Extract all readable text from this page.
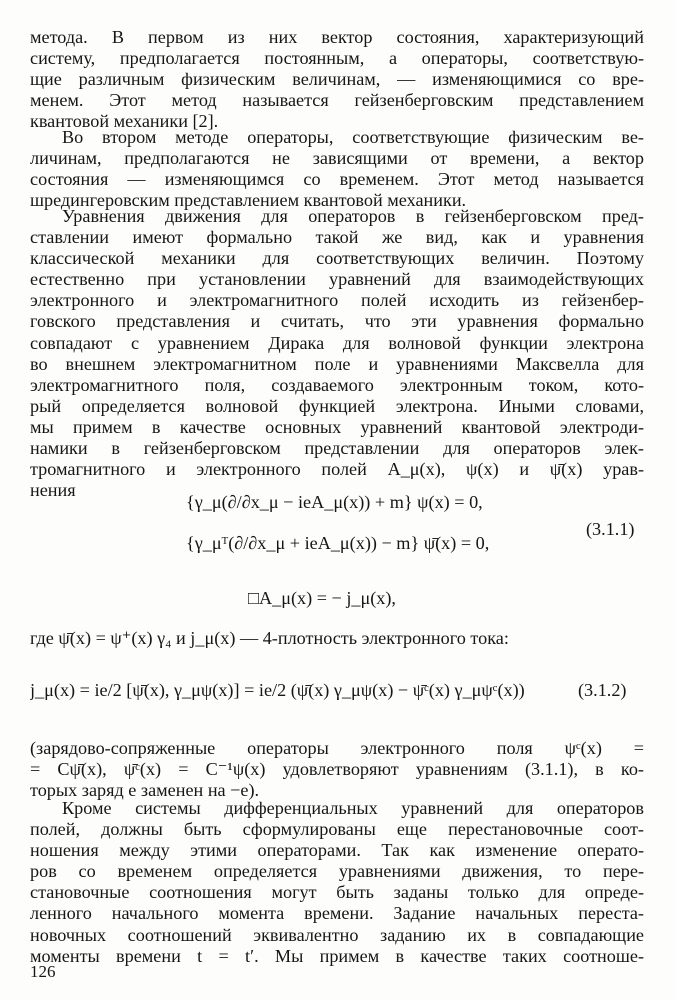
метода. В первом из них вектор состояния, характеризующий
систему, предполагается постоянным, а операторы, соответствую-
щие различным физическим величинам, — изменяющимися со вре-
менем. Этот метод называется гейзенберговским представлением
квантовой механики [2].

Во втором методе операторы, соответствующие физическим ве-
личинам, предполагаются не зависящими от времени, а вектор
состояния — изменяющимся со временем. Этот метод называется
шредингеровским представлением квантовой механики.

Уравнения движения для операторов в гейзенберговском пред-
ставлении имеют формально такой же вид, как и уравнения
классической механики для соответствующих величин. Поэтому
естественно при установлении уравнений для взаимодействующих
электронного и электромагнитного полей исходить из гейзенбер-
говского представления и считать, что эти уравнения формально
совпадают с уравнением Дирака для волновой функции электрона
во внешнем электромагнитном поле и уравнениями Максвелла для
электромагнитного поля, создаваемого электронным током, кото-
рый определяется волновой функцией электрона. Иными словами,
мы примем в качестве основных уравнений квантовой электроди-
намики в гейзенберговском представлении для операторов элек-
тромагнитного и электронного полей A_μ(x), ψ(x) и ψ̄(x) урав-
нения

{γ_μ(∂/∂x_μ − ieA_μ(x)) + m} ψ(x) = 0,
{γ_μᵀ(∂/∂x_μ + ieA_μ(x)) − m} ψ̄(x) = 0,
(3.1.1)
□A_μ(x) = − j_μ(x),
где ψ̄(x) = ψ⁺(x) γ₄ и j_μ(x) — 4-плотность электронного тока:
j_μ(x) = ie/2 [ψ̄(x), γ_μψ(x)] = ie/2 (ψ̄(x) γ_μψ(x) − ψ̄ᶜ(x) γ_μψᶜ(x))	(3.1.2)

(зарядово-сопряженные операторы электронного поля ψᶜ(x) =
= Cψ̄(x), ψ̄ᶜ(x) = C⁻¹ψ(x) удовлетворяют уравнениям (3.1.1), в ко-
торых заряд e заменен на −e).

Кроме системы дифференциальных уравнений для операторов
полей, должны быть сформулированы еще перестановочные соот-
ношения между этими операторами. Так как изменение операто-
ров со временем определяется уравнениями движения, то пере-
становочные соотношения могут быть заданы только для опреде-
ленного начального момента времени. Задание начальных переста-
новочных соотношений эквивалентно заданию их в совпадающие
моменты времени t = t′. Мы примем в качестве таких соотноше-

126
